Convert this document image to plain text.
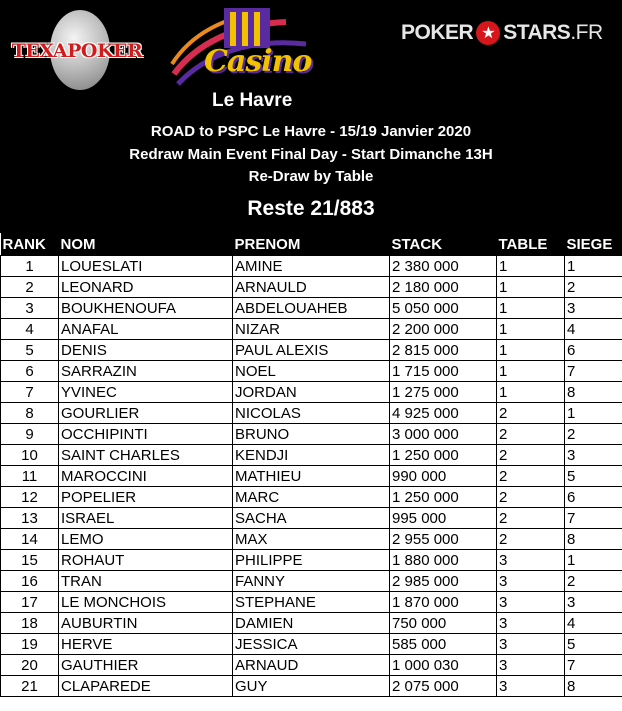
TEXAPOKER Casino
Le Havre
POKER ★ STARS .FR
ROAD to PSPC Le Havre - 15/19 Janvier 2020
Redraw Main Event Final Day - Start Dimanche 13H
Re-Draw by Table
Reste 21/883
RANK	NOM	PRENOM	STACK	TABLE	SIEGE
1	LOUESLATI	AMINE	2 380 000	1	1
2	LEONARD	ARNAULD	2 180 000	1	2
3	BOUKHENOUFA	ABDELOUAHEB	5 050 000	1	3
4	ANAFAL	NIZAR	2 200 000	1	4
5	DENIS	PAUL ALEXIS	2 815 000	1	6
6	SARRAZIN	NOEL	1 715 000	1	7
7	YVINEC	JORDAN	1 275 000	1	8
8	GOURLIER	NICOLAS	4 925 000	2	1
9	OCCHIPINTI	BRUNO	3 000 000	2	2
10	SAINT CHARLES	KENDJI	1 250 000	2	3
11	MAROCCINI	MATHIEU	990 000	2	5
12	POPELIER	MARC	1 250 000	2	6
13	ISRAEL	SACHA	995 000	2	7
14	LEMO	MAX	2 955 000	2	8
15	ROHAUT	PHILIPPE	1 880 000	3	1
16	TRAN	FANNY	2 985 000	3	2
17	LE MONCHOIS	STEPHANE	1 870 000	3	3
18	AUBURTIN	DAMIEN	750 000	3	4
19	HERVE	JESSICA	585 000	3	5
20	GAUTHIER	ARNAUD	1 000 030	3	7
21	CLAPAREDE	GUY	2 075 000	3	8
